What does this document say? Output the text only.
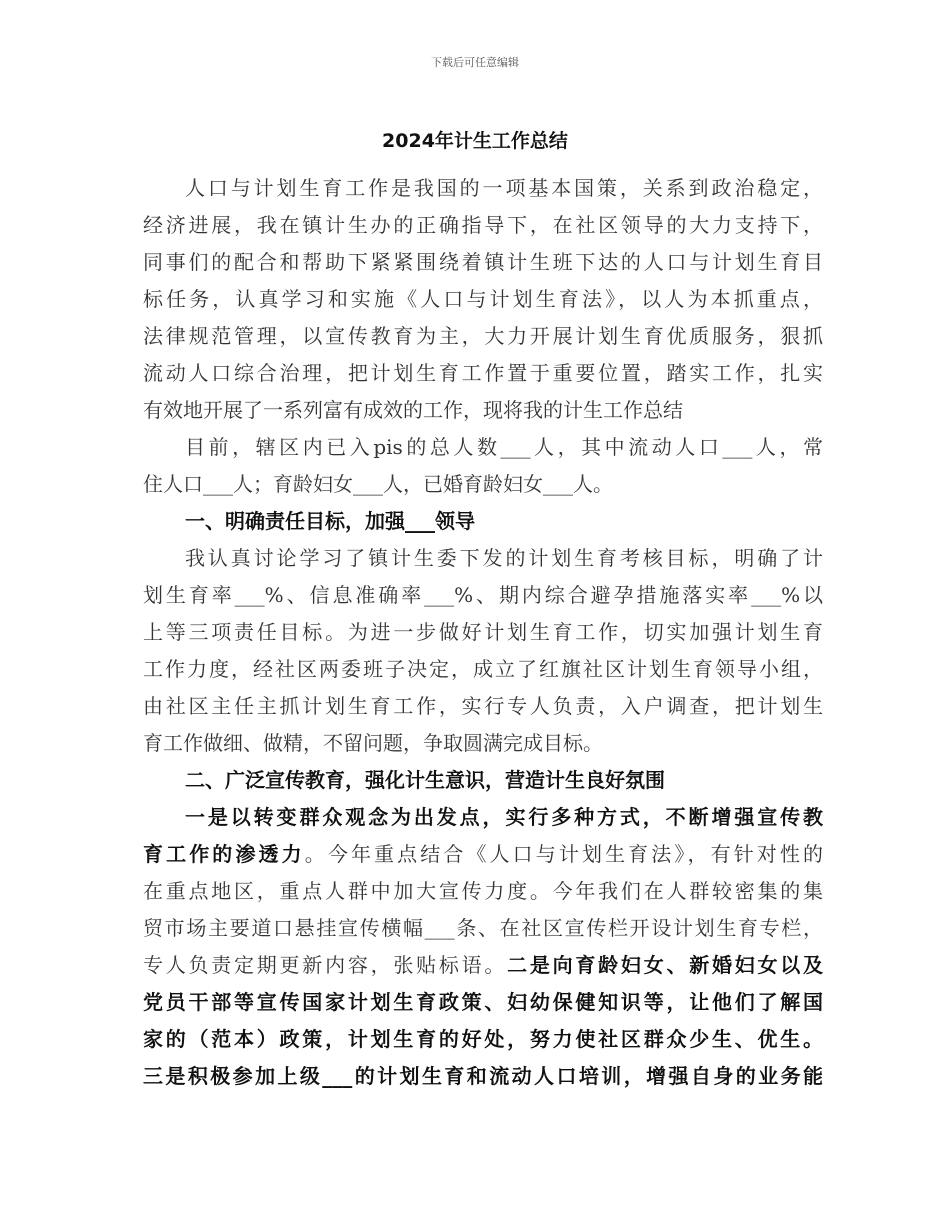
下载后可任意编辑
2024年计生工作总结
人口与计划生育工作是我国的一项基本国策，关系到政治稳定，
经济进展，我在镇计生办的正确指导下，在社区领导的大力支持下，
同事们的配合和帮助下紧紧围绕着镇计生班下达的人口与计划生育目
标任务，认真学习和实施《人口与计划生育法》，以人为本抓重点，
法律规范管理，以宣传教育为主，大力开展计划生育优质服务，狠抓
流动人口综合治理，把计划生育工作置于重要位置，踏实工作，扎实
有效地开展了一系列富有成效的工作，现将我的计生工作总结
目前，辖区内已入pis的总人数___人，其中流动人口___人，常
住人口___人；育龄妇女___人，已婚育龄妇女___人。
一、明确责任目标，加强___领导
我认真讨论学习了镇计生委下发的计划生育考核目标，明确了计
划生育率___%、信息准确率___%、期内综合避孕措施落实率___%以
上等三项责任目标。为进一步做好计划生育工作，切实加强计划生育
工作力度，经社区两委班子决定，成立了红旗社区计划生育领导小组，
由社区主任主抓计划生育工作，实行专人负责，入户调查，把计划生
育工作做细、做精，不留问题，争取圆满完成目标。
二、广泛宣传教育，强化计生意识，营造计生良好氛围
一是以转变群众观念为出发点，实行多种方式，不断增强宣传教
育工作的渗透力。今年重点结合《人口与计划生育法》，有针对性的
在重点地区，重点人群中加大宣传力度。今年我们在人群较密集的集
贸市场主要道口悬挂宣传横幅___条、在社区宣传栏开设计划生育专栏，
专人负责定期更新内容，张贴标语。二是向育龄妇女、新婚妇女以及
党员干部等宣传国家计划生育政策、妇幼保健知识等，让他们了解国
家的（范本）政策，计划生育的好处，努力使社区群众少生、优生。
三是积极参加上级___的计划生育和流动人口培训，增强自身的业务能
